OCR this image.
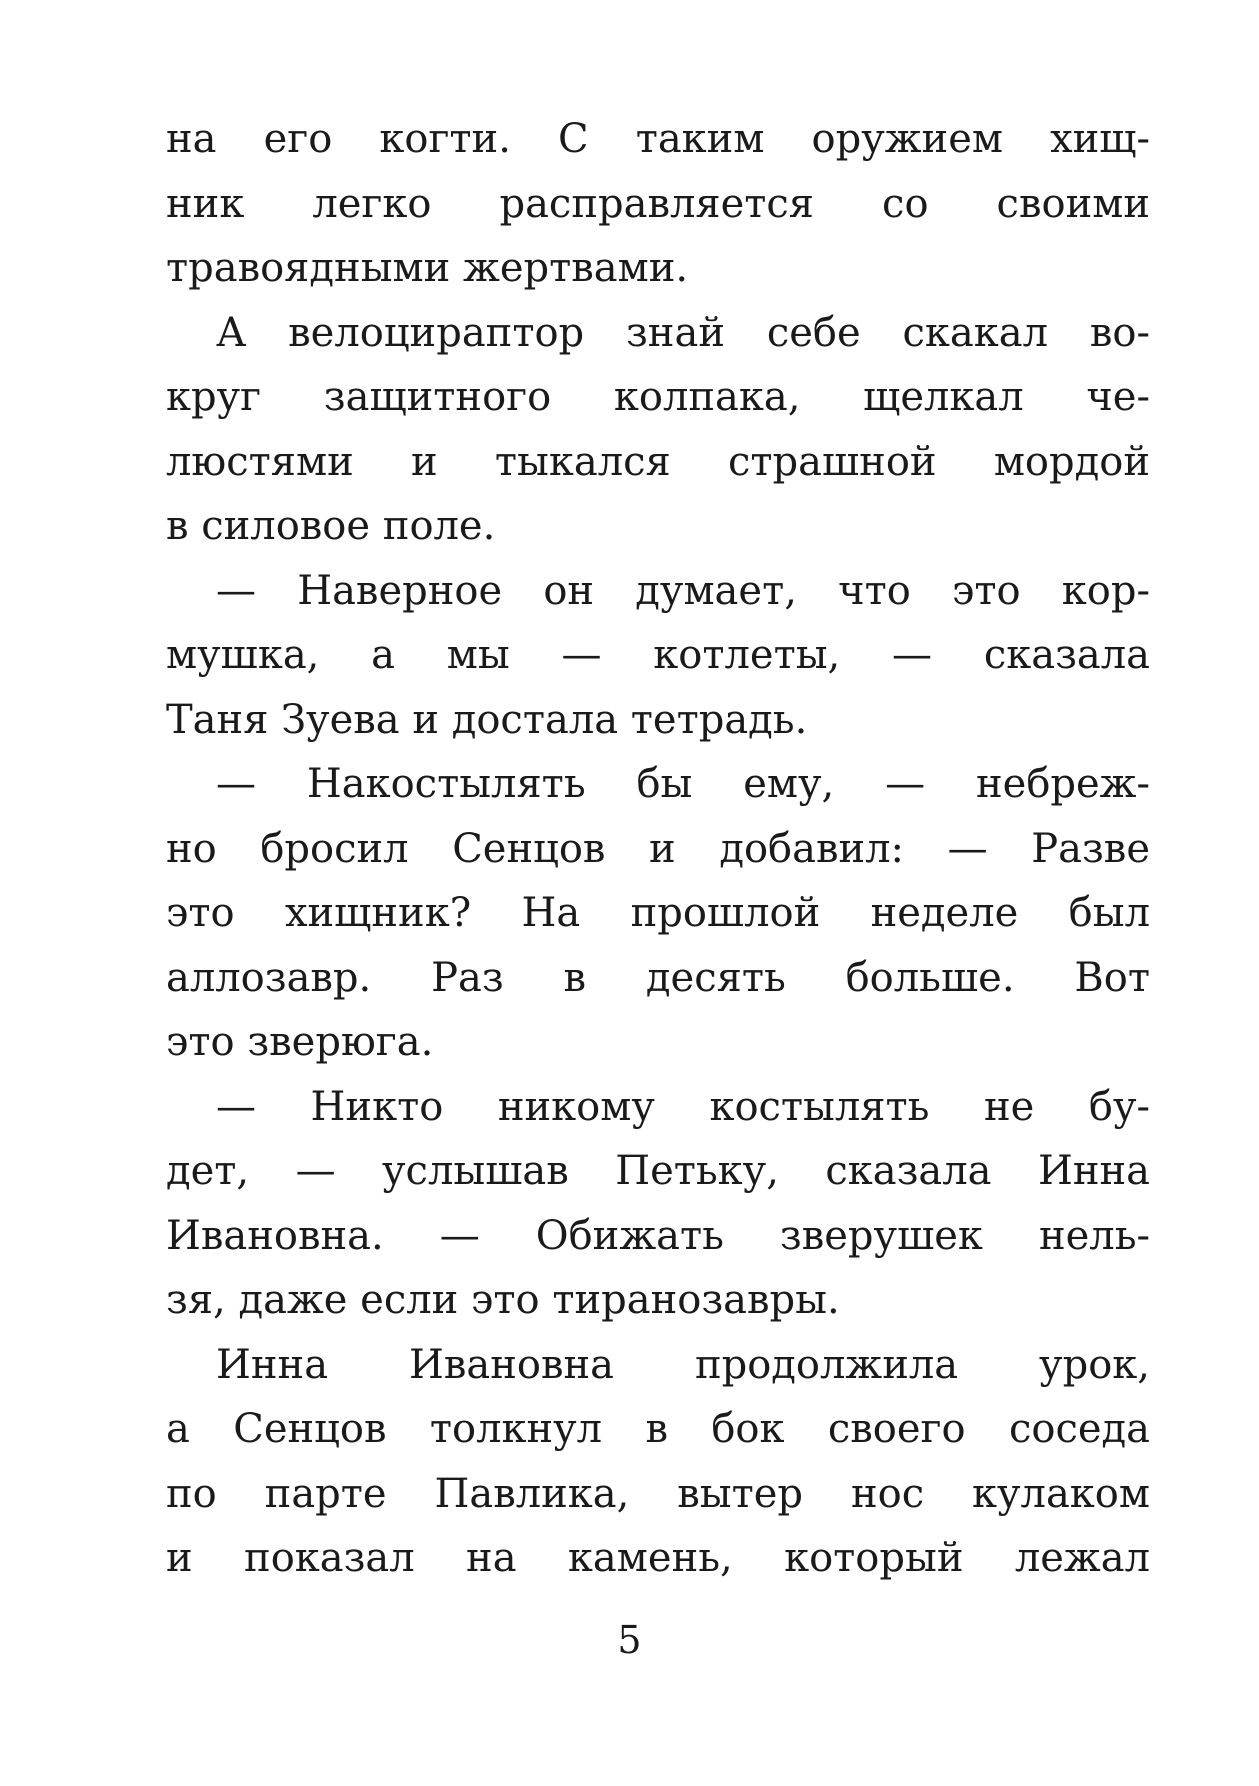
на его когти. С таким оружием хищ-
ник легко расправляется со своими
травоядными жертвами.
А велоцираптор знай себе скакал во-
круг защитного колпака, щелкал че-
люстями и тыкался страшной мордой
в силовое поле.
— Наверное он думает, что это кор-
мушка, а мы — котлеты, — сказала
Таня Зуева и достала тетрадь.
— Накостылять бы ему, — небреж-
но бросил Сенцов и добавил: — Разве
это хищник? На прошлой неделе был
аллозавр. Раз в десять больше. Вот
это зверюга.
— Никто никому костылять не бу-
дет, — услышав Петьку, сказала Инна
Ивановна. — Обижать зверушек нель-
зя, даже если это тиранозавры.
Инна Ивановна продолжила урок,
а Сенцов толкнул в бок своего соседа
по парте Павлика, вытер нос кулаком
и показал на камень, который лежал
5
